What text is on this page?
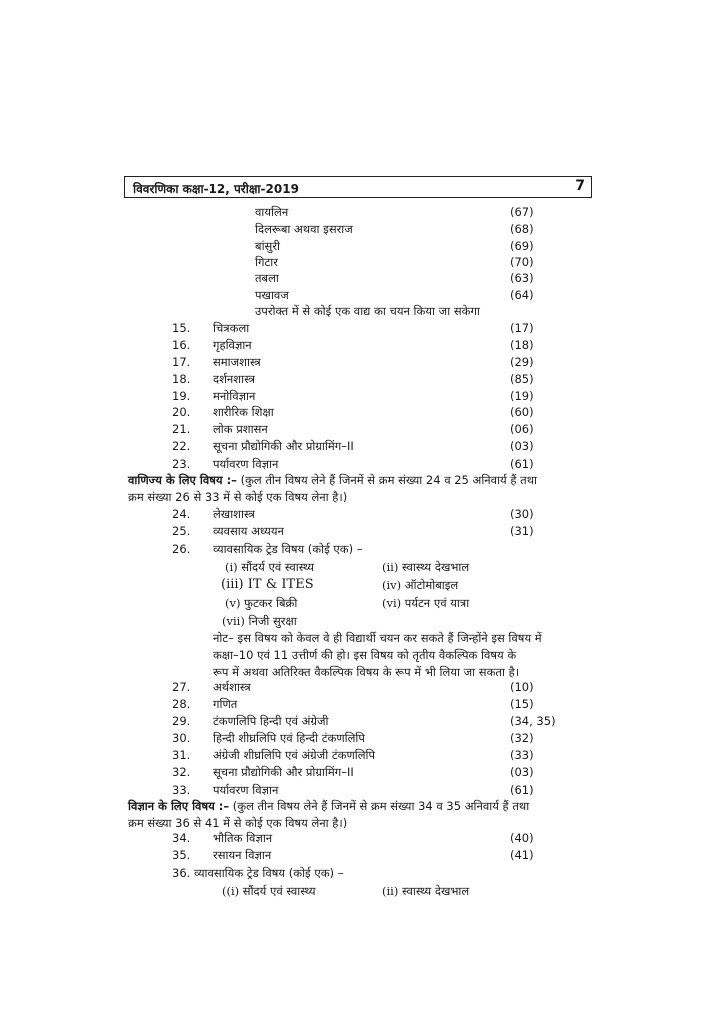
विवरणिका कक्षा-12, परीक्षा-2019	7
वायलिन	(67)
दिलरूबा अथवा इसराज	(68)
बांसुरी	(69)
गिटार	(70)
तबला	(63)
पखावज	(64)
उपरोक्त में से कोई एक वाद्य का चयन किया जा सकेगा
15.	चित्रकला	(17)
16.	गृहविज्ञान	(18)
17.	समाजशास्त्र	(29)
18.	दर्शनशास्त्र	(85)
19.	मनोविज्ञान	(19)
20.	शारीरिक शिक्षा	(60)
21.	लोक प्रशासन	(06)
22.	सूचना प्रौद्योगिकी और प्रोग्रामिंग–II	(03)
23.	पर्यावरण विज्ञान	(61)
वाणिज्य के लिए विषय :– (कुल तीन विषय लेने हैं जिनमें से क्रम संख्या 24 व 25 अनिवार्य हैं तथा
क्रम संख्या 26 से 33 में से कोई एक विषय लेना है।)
24.	लेखाशास्त्र	(30)
25.	व्यवसाय अध्ययन	(31)
26.	व्यावसायिक ट्रेड विषय (कोई एक) –
(i) सौंदर्य एवं स्वास्थ्य	(ii) स्वास्थ्य देखभाल
(iii) IT & ITES	(iv) ऑटोमोबाइल
(v) फुटकर बिक्री	(vi) पर्यटन एवं यात्रा
(vii) निजी सुरक्षा
नोट– इस विषय को केवल वे ही विद्यार्थी चयन कर सकते हैं जिन्होंने इस विषय में
कक्षा–10 एवं 11 उत्तीर्ण की हो। इस विषय को तृतीय वैकल्पिक विषय के
रूप में अथवा अतिरिक्त वैकल्पिक विषय के रूप में भी लिया जा सकता है।
27.	अर्थशास्त्र	(10)
28.	गणित	(15)
29.	टंकणलिपि हिन्दी एवं अंग्रेजी	(34, 35)
30.	हिन्दी शीघ्रलिपि एवं हिन्दी टंकणलिपि	(32)
31.	अंग्रेजी शीघ्रलिपि एवं अंग्रेजी टंकणलिपि	(33)
32.	सूचना प्रौद्योगिकी और प्रोग्रामिंग–II	(03)
33.	पर्यावरण विज्ञान	(61)
विज्ञान के लिए विषय :– (कुल तीन विषय लेने हैं जिनमें से क्रम संख्या 34 व 35 अनिवार्य हैं तथा
क्रम संख्या 36 से 41 में से कोई एक विषय लेना है।)
34.	भौतिक विज्ञान	(40)
35.	रसायन विज्ञान	(41)
36. व्यावसायिक ट्रेड विषय (कोई एक) –
((i) सौंदर्य एवं स्वास्थ्य	(ii) स्वास्थ्य देखभाल
